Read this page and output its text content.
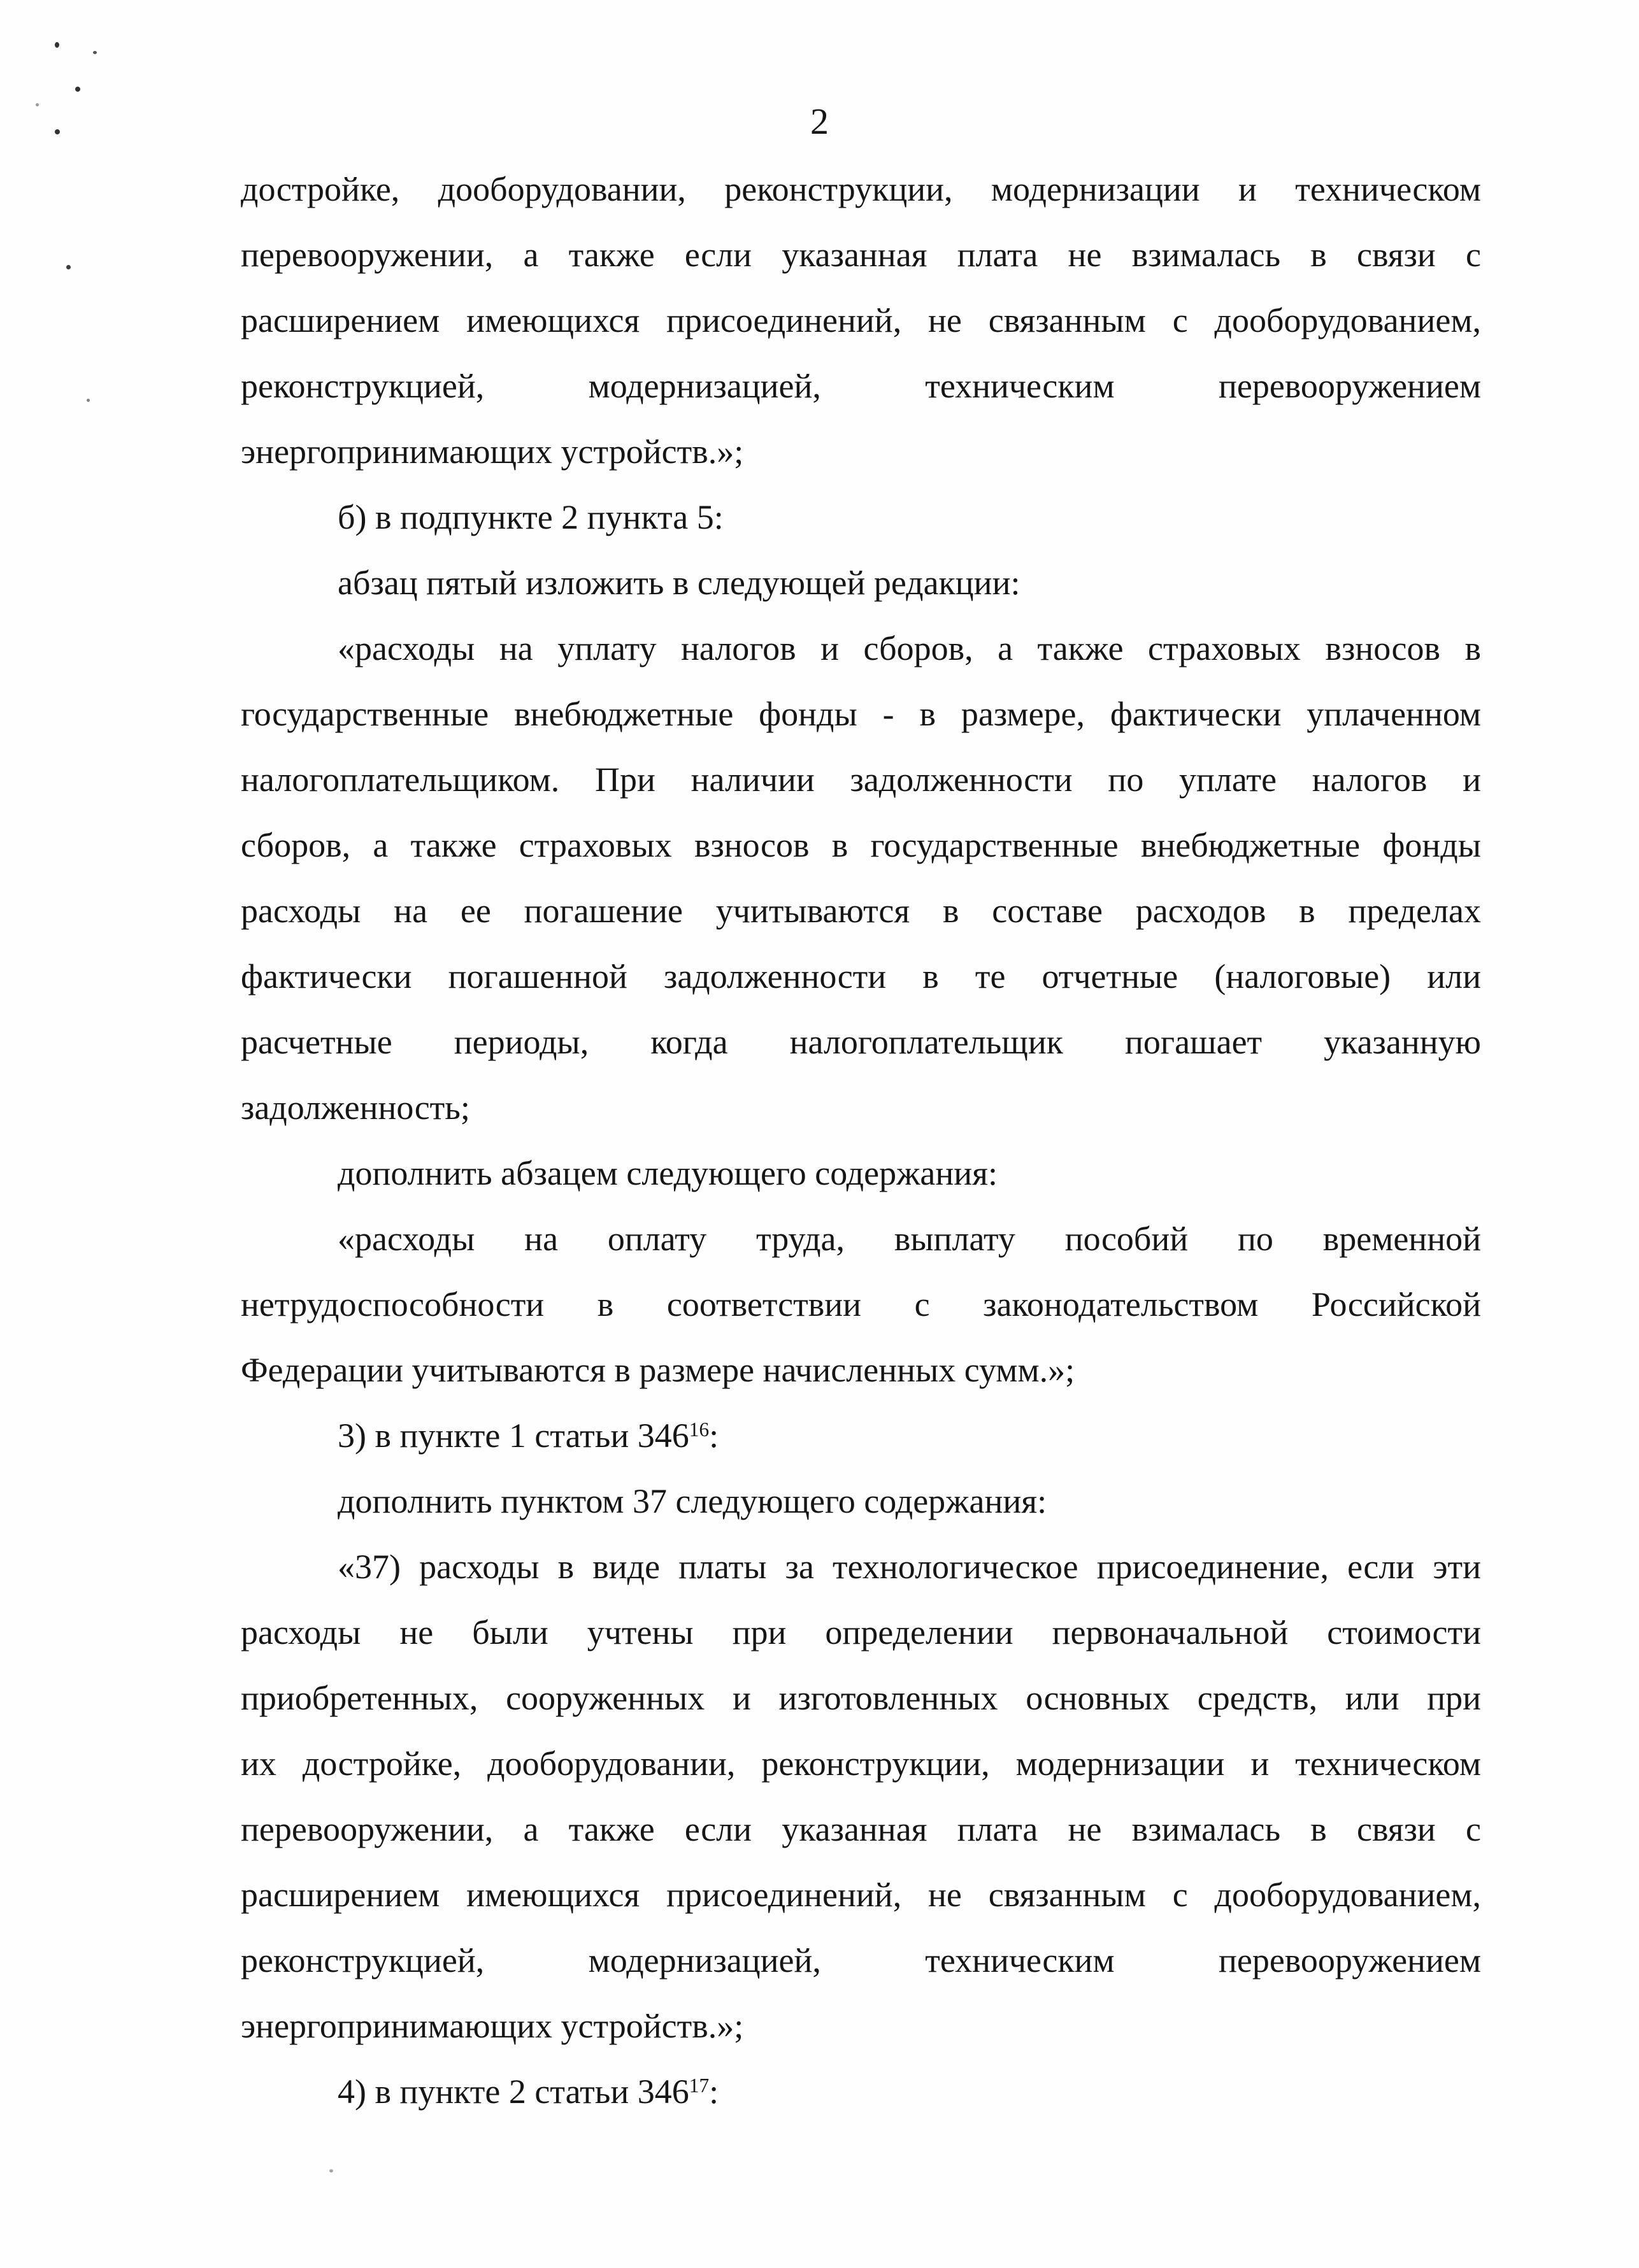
2
достройке, дооборудовании, реконструкции, модернизации и техническом
перевооружении, а также если указанная плата не взималась в связи с
расширением имеющихся присоединений, не связанным с дооборудованием,
реконструкцией, модернизацией, техническим перевооружением
энергопринимающих устройств.»;
б) в подпункте 2 пункта 5:
абзац пятый изложить в следующей редакции:
«расходы на уплату налогов и сборов, а также страховых взносов в
государственные внебюджетные фонды - в размере, фактически уплаченном
налогоплательщиком. При наличии задолженности по уплате налогов и
сборов, а также страховых взносов в государственные внебюджетные фонды
расходы на ее погашение учитываются в составе расходов в пределах
фактически погашенной задолженности в те отчетные (налоговые) или
расчетные периоды, когда налогоплательщик погашает указанную
задолженность;
дополнить абзацем следующего содержания:
«расходы на оплату труда, выплату пособий по временной
нетрудоспособности в соответствии с законодательством Российской
Федерации учитываются в размере начисленных сумм.»;
3) в пункте 1 статьи $346^{16}$:
дополнить пунктом 37 следующего содержания:
«37) расходы в виде платы за технологическое присоединение, если эти
расходы не были учтены при определении первоначальной стоимости
приобретенных, сооруженных и изготовленных основных средств, или при
их достройке, дооборудовании, реконструкции, модернизации и техническом
перевооружении, а также если указанная плата не взималась в связи с
расширением имеющихся присоединений, не связанным с дооборудованием,
реконструкцией, модернизацией, техническим перевооружением
энергопринимающих устройств.»;
4) в пункте 2 статьи $346^{17}$:
